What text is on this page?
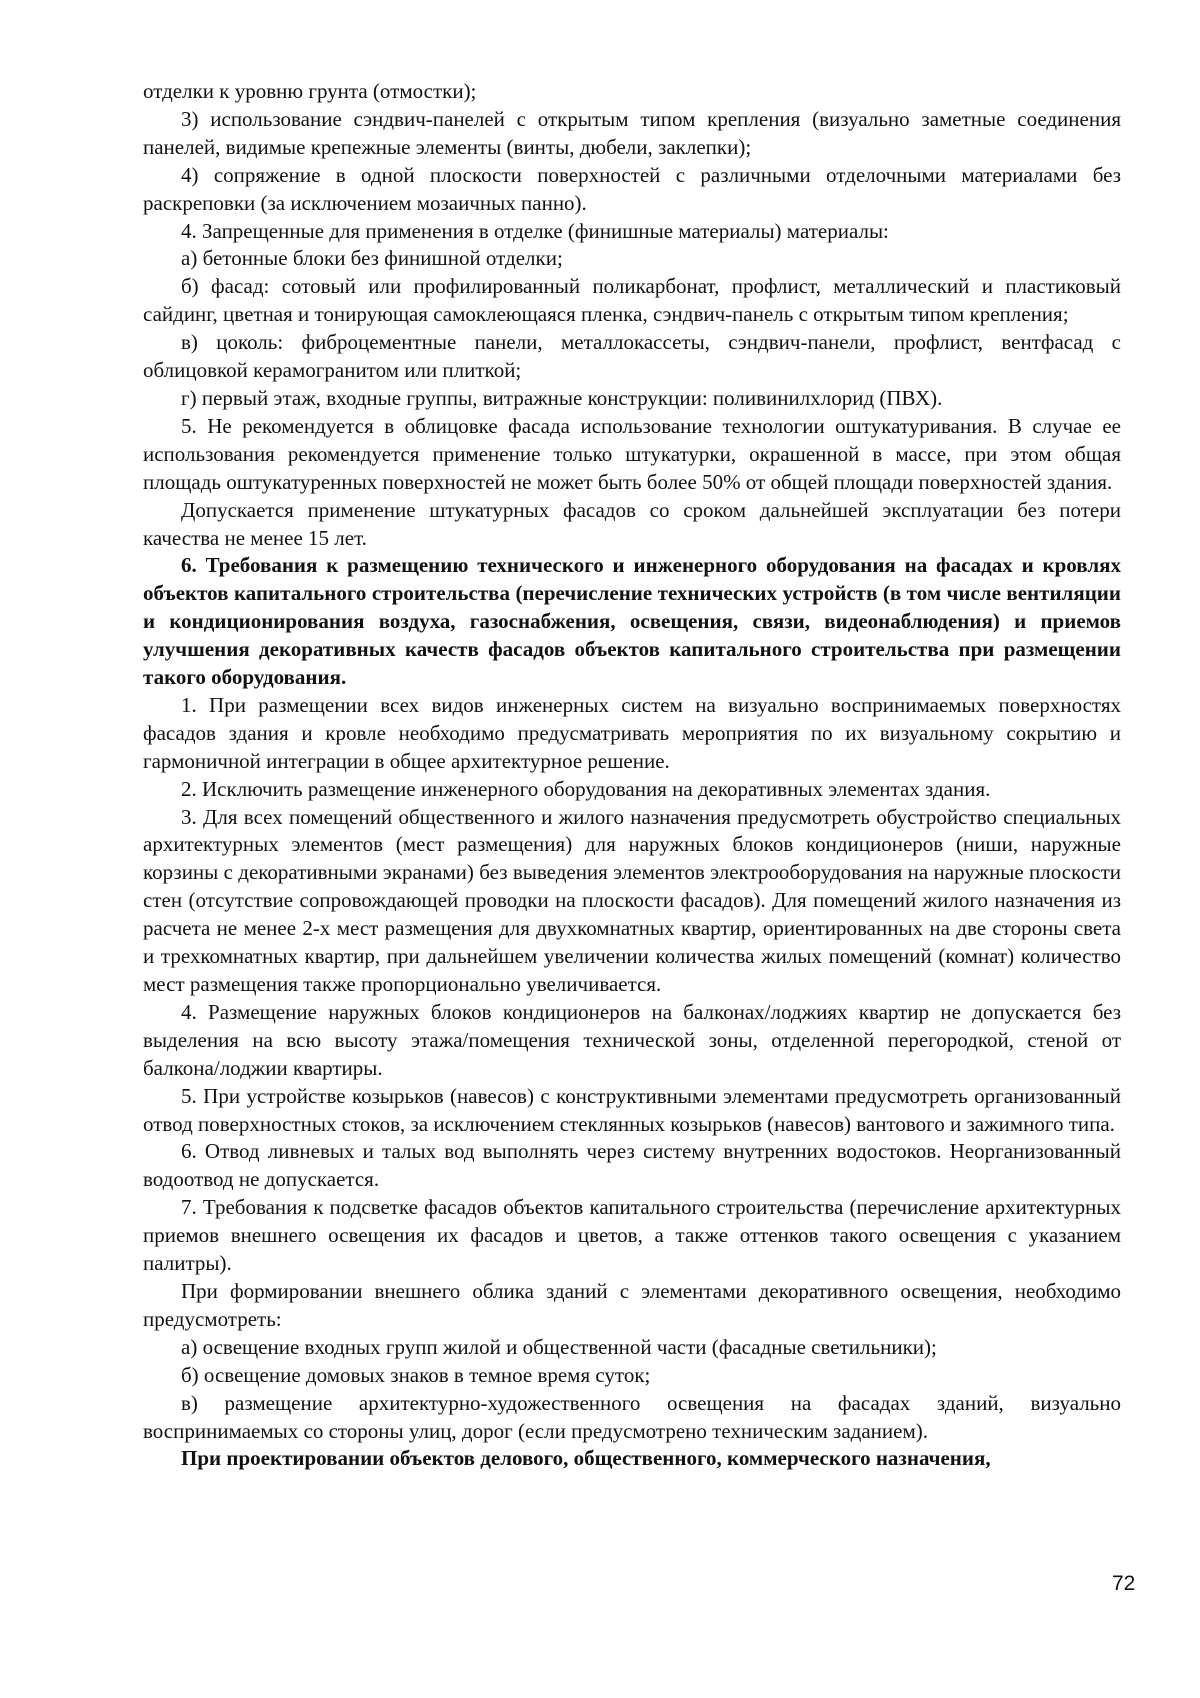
отделки к уровню грунта (отмостки);

3) использование сэндвич-панелей с открытым типом крепления (визуально заметные соединения панелей, видимые крепежные элементы (винты, дюбели, заклепки);

4) сопряжение в одной плоскости поверхностей с различными отделочными материалами без раскреповки (за исключением мозаичных панно).

4. Запрещенные для применения в отделке (финишные материалы) материалы:

а) бетонные блоки без финишной отделки;

б) фасад: сотовый или профилированный поликарбонат, профлист, металлический и пластиковый сайдинг, цветная и тонирующая самоклеющаяся пленка, сэндвич-панель с открытым типом крепления;

в) цоколь: фиброцементные панели, металлокассеты, сэндвич-панели, профлист, вентфасад с облицовкой керамогранитом или плиткой;

г) первый этаж, входные группы, витражные конструкции: поливинилхлорид (ПВХ).

5. Не рекомендуется в облицовке фасада использование технологии оштукатуривания. В случае ее использования рекомендуется применение только штукатурки, окрашенной в массе, при этом общая площадь оштукатуренных поверхностей не может быть более 50% от общей площади поверхностей здания.

Допускается применение штукатурных фасадов со сроком дальнейшей эксплуатации без потери качества не менее 15 лет.

6. Требования к размещению технического и инженерного оборудования на фасадах и кровлях объектов капитального строительства (перечисление технических устройств (в том числе вентиляции и кондиционирования воздуха, газоснабжения, освещения, связи, видеонаблюдения) и приемов улучшения декоративных качеств фасадов объектов капитального строительства при размещении такого оборудования.

1. При размещении всех видов инженерных систем на визуально воспринимаемых поверхностях фасадов здания и кровле необходимо предусматривать мероприятия по их визуальному сокрытию и гармоничной интеграции в общее архитектурное решение.

2. Исключить размещение инженерного оборудования на декоративных элементах здания.

3. Для всех помещений общественного и жилого назначения предусмотреть обустройство специальных архитектурных элементов (мест размещения) для наружных блоков кондиционеров (ниши, наружные корзины с декоративными экранами) без выведения элементов электрооборудования на наружные плоскости стен (отсутствие сопровождающей проводки на плоскости фасадов). Для помещений жилого назначения из расчета не менее 2-х мест размещения для двухкомнатных квартир, ориентированных на две стороны света и трехкомнатных квартир, при дальнейшем увеличении количества жилых помещений (комнат) количество мест размещения также пропорционально увеличивается.

4. Размещение наружных блоков кондиционеров на балконах/лоджиях квартир не допускается без выделения на всю высоту этажа/помещения технической зоны, отделенной перегородкой, стеной от балкона/лоджии квартиры.

5. При устройстве козырьков (навесов) с конструктивными элементами предусмотреть организованный отвод поверхностных стоков, за исключением стеклянных козырьков (навесов) вантового и зажимного типа.

6. Отвод ливневых и талых вод выполнять через систему внутренних водостоков. Неорганизованный водоотвод не допускается.

7. Требования к подсветке фасадов объектов капитального строительства (перечисление архитектурных приемов внешнего освещения их фасадов и цветов, а также оттенков такого освещения с указанием палитры).

При формировании внешнего облика зданий с элементами декоративного освещения, необходимо предусмотреть:

а) освещение входных групп жилой и общественной части (фасадные светильники);

б) освещение домовых знаков в темное время суток;

в) размещение архитектурно-художественного освещения на фасадах зданий, визуально воспринимаемых со стороны улиц, дорог (если предусмотрено техническим заданием).

При проектировании объектов делового, общественного, коммерческого назначения,

72
